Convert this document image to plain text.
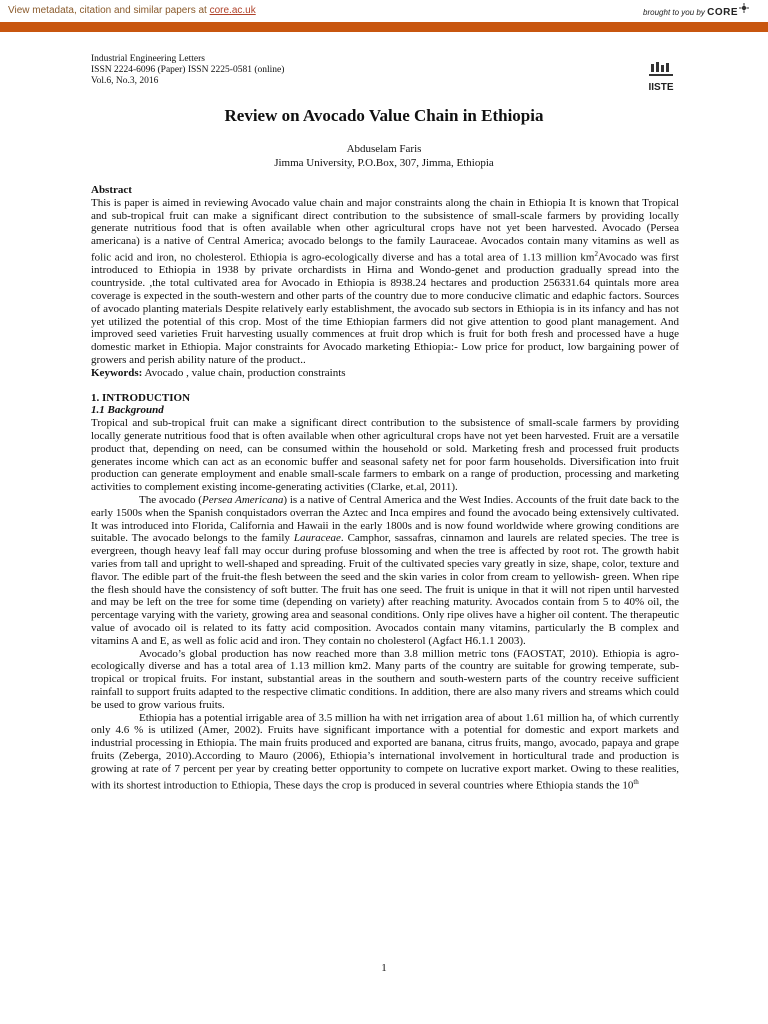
View metadata, citation and similar papers at core.ac.uk	brought to you by CORE
Industrial Engineering Letters
ISSN 2224-6096 (Paper) ISSN 2225-0581 (online)
Vol.6, No.3, 2016
IISTE
Review on Avocado Value Chain in Ethiopia
Abduselam Faris
Jimma University, P.O.Box, 307, Jimma, Ethiopia

Abstract

This is paper is aimed in reviewing Avocado value chain and major constraints along the chain in Ethiopia It is known that Tropical and sub-tropical fruit can make a significant direct contribution to the subsistence of small-scale farmers by providing locally generate nutritious food that is often available when other agricultural crops have not yet been harvested. Avocado (Persea americana) is a native of Central America; avocado belongs to the family Lauraceae. Avocados contain many vitamins as well as folic acid and iron, no cholesterol. Ethiopia is agro-ecologically diverse and has a total area of 1.13 million $km^2Avocado$ was first introduced to Ethiopia in 1938 by private orchardists in Hirna and Wondo-genet and production gradually spread into the countryside. ,the total cultivated area for Avocado in Ethiopia is 8938.24 hectares and production 256331.64 quintals more area coverage is expected in the south-western and other parts of the country due to more conducive climatic and edaphic factors. Sources of avocado planting materials Despite relatively early establishment, the avocado sub sectors in Ethiopia is in its infancy and has not yet utilized the potential of this crop. Most of the time Ethiopian farmers did not give attention to good plant management. And improved seed varieties Fruit harvesting usually commences at fruit drop which is fruit for both fresh and processed have a huge domestic market in Ethiopia. Major constraints for Avocado marketing Ethiopia:- Low price for product, low bargaining power of growers and perish ability nature of the product..

Keywords: Avocado , value chain, production constraints

1. INTRODUCTION

1.1 Background

Tropical and sub-tropical fruit can make a significant direct contribution to the subsistence of small-scale farmers by providing locally generate nutritious food that is often available when other agricultural crops have not yet been harvested. Fruit are a versatile product that, depending on need, can be consumed within the household or sold. Marketing fresh and processed fruit products generates income which can act as an economic buffer and seasonal safety net for poor farm households. Diversification into fruit production can generate employment and enable small-scale farmers to embark on a range of production, processing and marketing activities to complement existing income-generating activities (Clarke, et.al, 2011).

The avocado (Persea Americana) is a native of Central America and the West Indies. Accounts of the fruit date back to the early 1500s when the Spanish conquistadors overran the Aztec and Inca empires and found the avocado being extensively cultivated. It was introduced into Florida, California and Hawaii in the early 1800s and is now found worldwide where growing conditions are suitable. The avocado belongs to the family Lauraceae. Camphor, sassafras, cinnamon and laurels are related species. The tree is evergreen, though heavy leaf fall may occur during profuse blossoming and when the tree is affected by root rot. The growth habit varies from tall and upright to well-shaped and spreading. Fruit of the cultivated species vary greatly in size, shape, color, texture and flavor. The edible part of the fruit-the flesh between the seed and the skin varies in color from cream to yellowish- green. When ripe the flesh should have the consistency of soft butter. The fruit has one seed. The fruit is unique in that it will not ripen until harvested and may be left on the tree for some time (depending on variety) after reaching maturity. Avocados contain from 5 to 40% oil, the percentage varying with the variety, growing area and seasonal conditions. Only ripe olives have a higher oil content. The therapeutic value of avocado oil is related to its fatty acid composition. Avocados contain many vitamins, particularly the B complex and vitamins A and E, as well as folic acid and iron. They contain no cholesterol (Agfact H6.1.1 2003).

Avocado’s global production has now reached more than 3.8 million metric tons (FAOSTAT, 2010). Ethiopia is agro-ecologically diverse and has a total area of 1.13 million km2. Many parts of the country are suitable for growing temperate, sub-tropical or tropical fruits. For instant, substantial areas in the southern and south-western parts of the country receive sufficient rainfall to support fruits adapted to the respective climatic conditions. In addition, there are also many rivers and streams which could be used to grow various fruits.

Ethiopia has a potential irrigable area of 3.5 million ha with net irrigation area of about 1.61 million ha, of which currently only 4.6 % is utilized (Amer, 2002). Fruits have significant importance with a potential for domestic and export markets and industrial processing in Ethiopia. The main fruits produced and exported are banana, citrus fruits, mango, avocado, papaya and grape fruits (Zeberga, 2010).According to Mauro (2006), Ethiopia’s international involvement in horticultural trade and production is growing at rate of 7 percent per year by creating better opportunity to compete on lucrative export market. Owing to these realities, with its shortest introduction to Ethiopia, These days the crop is produced in several countries where Ethiopia stands the 10th

1
